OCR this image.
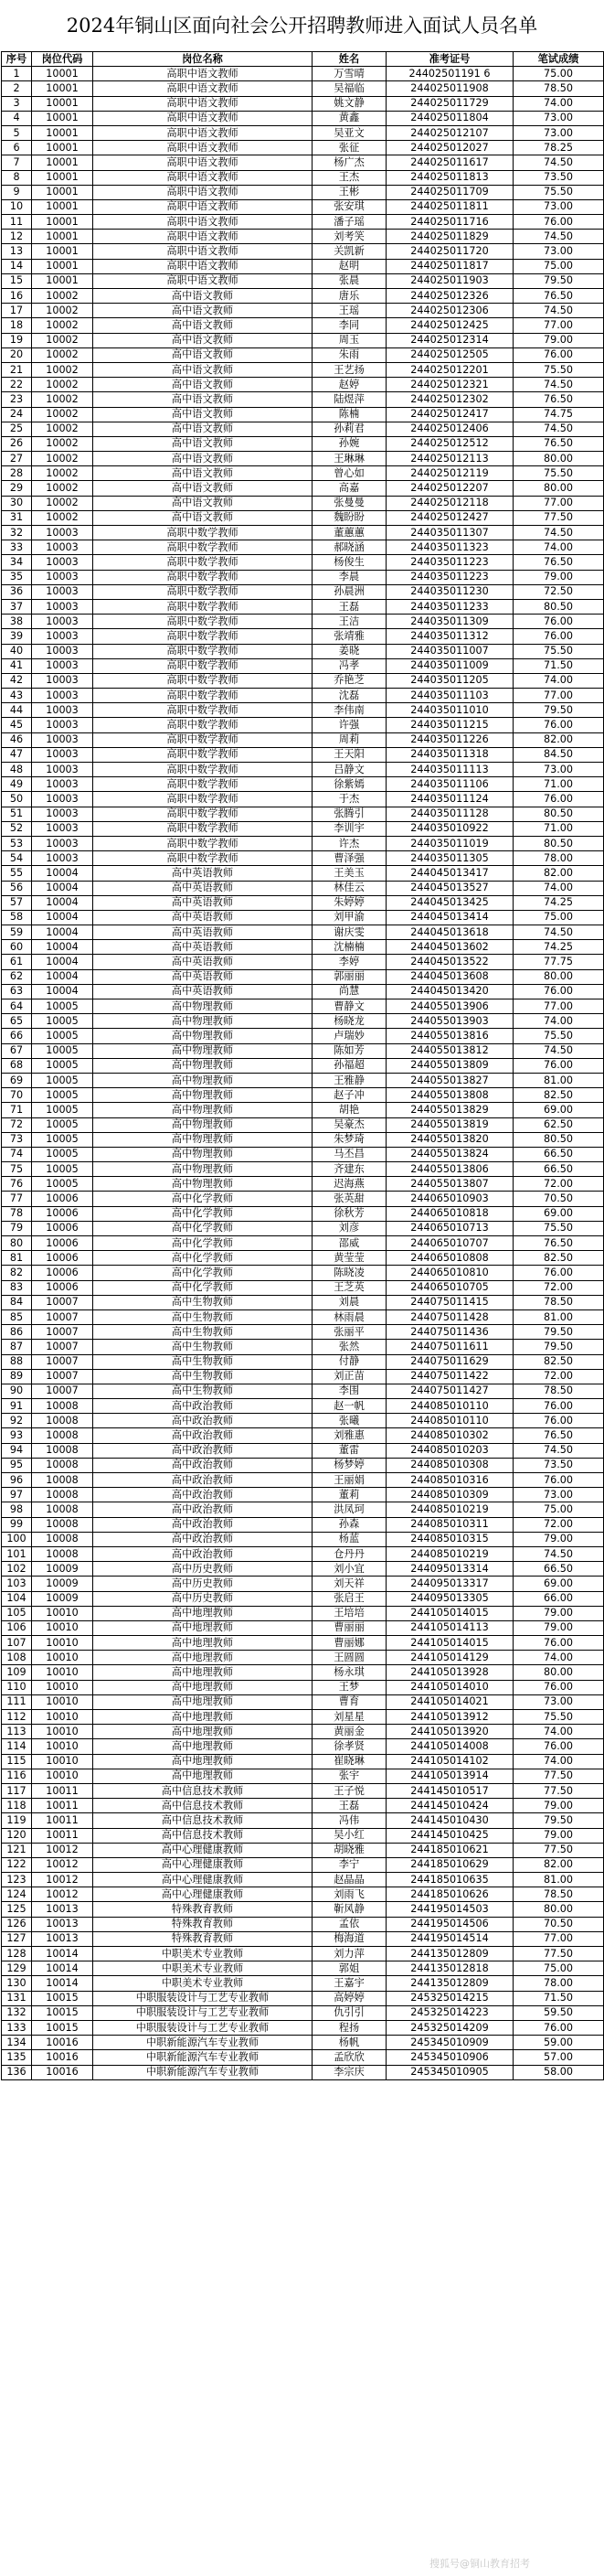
2024年铜山区面向社会公开招聘教师进入面试人员名单
序号	岗位代码	岗位名称	姓名	准考证号	笔试成绩
1	10001	高职中语文教师	万雪晴	24402501191 6	75.00
2	10001	高职中语文教师	吴福临	244025011908	78.50
3	10001	高职中语文教师	姚文静	244025011729	74.00
4	10001	高职中语文教师	黄鑫	244025011804	73.00
5	10001	高职中语文教师	吴亚文	244025012107	73.00
6	10001	高职中语文教师	张征	244025012027	78.25
7	10001	高职中语文教师	杨广杰	244025011617	74.50
8	10001	高职中语文教师	王杰	244025011813	73.50
9	10001	高职中语文教师	王彬	244025011709	75.50
10	10001	高职中语文教师	张安琪	244025011811	73.00
11	10001	高职中语文教师	潘子瑶	244025011716	76.00
12	10001	高职中语文教师	刘考笑	244025011829	74.50
13	10001	高职中语文教师	关凯新	244025011720	73.00
14	10001	高职中语文教师	赵明	244025011817	75.00
15	10001	高职中语文教师	张晨	244025011903	79.50
16	10002	高中语文教师	唐乐	244025012326	76.50
17	10002	高中语文教师	王瑶	244025012306	74.50
18	10002	高中语文教师	李同	244025012425	77.00
19	10002	高中语文教师	周玉	244025012314	79.00
20	10002	高中语文教师	朱雨	244025012505	76.00
21	10002	高中语文教师	王艺扬	244025012201	75.50
22	10002	高中语文教师	赵婷	244025012321	74.50
23	10002	高中语文教师	陆煜萍	244025012302	76.50
24	10002	高中语文教师	陈楠	244025012417	74.75
25	10002	高中语文教师	孙莉君	244025012406	74.50
26	10002	高中语文教师	孙婉	244025012512	76.50
27	10002	高中语文教师	王琳琳	244025012113	80.00
28	10002	高中语文教师	曾心如	244025012119	75.50
29	10002	高中语文教师	高嘉	244025012207	80.00
30	10002	高中语文教师	张曼曼	244025012118	77.00
31	10002	高中语文教师	魏盼盼	244025012427	77.50
32	10003	高职中数学教师	董蕙蕙	244035011307	74.50
33	10003	高职中数学教师	郝晓涵	244035011323	74.00
34	10003	高职中数学教师	杨俊生	244035011223	76.50
35	10003	高职中数学教师	李晨	244035011223	79.00
36	10003	高职中数学教师	孙晨洲	244035011230	72.50
37	10003	高职中数学教师	王磊	244035011233	80.50
38	10003	高职中数学教师	王洁	244035011309	76.00
39	10003	高职中数学教师	张靖雅	244035011312	76.00
40	10003	高职中数学教师	姜晓	244035011007	75.50
41	10003	高职中数学教师	冯孝	244035011009	71.50
42	10003	高职中数学教师	乔艳芝	244035011205	74.00
43	10003	高职中数学教师	沈磊	244035011103	77.00
44	10003	高职中数学教师	李伟南	244035011010	79.50
45	10003	高职中数学教师	许强	244035011215	76.00
46	10003	高职中数学教师	周莉	244035011226	82.00
47	10003	高职中数学教师	王天阳	244035011318	84.50
48	10003	高职中数学教师	吕静文	244035011113	73.00
49	10003	高职中数学教师	徐紫嫣	244035011106	71.00
50	10003	高职中数学教师	于杰	244035011124	76.00
51	10003	高职中数学教师	张腾引	244035011128	80.50
52	10003	高职中数学教师	李训宇	244035010922	71.00
53	10003	高职中数学教师	许杰	244035011019	80.50
54	10003	高职中数学教师	曹泽强	244035011305	78.00
55	10004	高中英语教师	王美玉	244045013417	82.00
56	10004	高中英语教师	林佳云	244045013527	74.00
57	10004	高中英语教师	朱婷婷	244045013425	74.25
58	10004	高中英语教师	刘甲渝	244045013414	75.00
59	10004	高中英语教师	谢庆雯	244045013618	74.50
60	10004	高中英语教师	沈楠楠	244045013602	74.25
61	10004	高中英语教师	李婷	244045013522	77.75
62	10004	高中英语教师	郭丽丽	244045013608	80.00
63	10004	高中英语教师	尚慧	244045013420	76.00
64	10005	高中物理教师	曹静文	244055013906	77.00
65	10005	高中物理教师	杨晓龙	244055013903	74.00
66	10005	高中物理教师	卢瑞妙	244055013816	75.50
67	10005	高中物理教师	陈如芳	244055013812	74.50
68	10005	高中物理教师	孙福超	244055013809	76.00
69	10005	高中物理教师	王雅静	244055013827	81.00
70	10005	高中物理教师	赵子冲	244055013808	82.50
71	10005	高中物理教师	胡艳	244055013829	69.00
72	10005	高中物理教师	吴豪杰	244055013819	62.50
73	10005	高中物理教师	朱梦琦	244055013820	80.50
74	10005	高中物理教师	马丕昌	244055013824	66.50
75	10005	高中物理教师	齐建东	244055013806	66.50
76	10005	高中物理教师	迟海燕	244055013807	72.00
77	10006	高中化学教师	张英甜	244065010903	70.50
78	10006	高中化学教师	徐秋芳	244065010818	69.00
79	10006	高中化学教师	刘彦	244065010713	75.50
80	10006	高中化学教师	邵威	244065010707	76.50
81	10006	高中化学教师	黄莹莹	244065010808	82.50
82	10006	高中化学教师	陈晓凌	244065010810	76.00
83	10006	高中化学教师	王芝英	244065010705	72.00
84	10007	高中生物教师	刘晨	244075011415	78.50
85	10007	高中生物教师	林雨晨	244075011428	81.00
86	10007	高中生物教师	张丽平	244075011436	79.50
87	10007	高中生物教师	张然	244075011611	79.50
88	10007	高中生物教师	付静	244075011629	82.50
89	10007	高中生物教师	刘正苗	244075011422	72.00
90	10007	高中生物教师	李围	244075011427	78.50
91	10008	高中政治教师	赵一帆	244085010110	76.00
92	10008	高中政治教师	张曦	244085010110	76.00
93	10008	高中政治教师	刘雅惠	244085010302	76.50
94	10008	高中政治教师	董雷	244085010203	74.50
95	10008	高中政治教师	杨梦婷	244085010308	73.50
96	10008	高中政治教师	王丽娟	244085010316	76.00
97	10008	高中政治教师	董莉	244085010309	73.00
98	10008	高中政治教师	洪凤珂	244085010219	75.00
99	10008	高中政治教师	孙森	244085010311	72.00
100	10008	高中政治教师	杨蓝	244085010315	79.00
101	10008	高中政治教师	仓丹丹	244085010219	74.50
102	10009	高中历史教师	刘小宜	244095013314	66.50
103	10009	高中历史教师	刘天祥	244095013317	69.00
104	10009	高中历史教师	张启王	244095013305	66.00
105	10010	高中地理教师	王培培	244105014015	79.00
106	10010	高中地理教师	曹丽丽	244105014113	79.00
107	10010	高中地理教师	曹丽娜	244105014015	76.00
108	10010	高中地理教师	王圆圆	244105014129	74.00
109	10010	高中地理教师	杨永琪	244105013928	80.00
110	10010	高中地理教师	王梦	244105014010	76.00
111	10010	高中地理教师	曹育	244105014021	73.00
112	10010	高中地理教师	刘星星	244105013912	75.50
113	10010	高中地理教师	黄丽金	244105013920	74.00
114	10010	高中地理教师	徐孝贤	244105014008	76.00
115	10010	高中地理教师	崔晓琳	244105014102	74.00
116	10010	高中地理教师	张宇	244105013914	77.50
117	10011	高中信息技术教师	王子悦	244145010517	77.50
118	10011	高中信息技术教师	王磊	244145010424	79.00
119	10011	高中信息技术教师	冯伟	244145010430	79.50
120	10011	高中信息技术教师	吴小红	244145010425	79.00
121	10012	高中心理健康教师	胡晓雅	244185010621	77.50
122	10012	高中心理健康教师	李宁	244185010629	82.00
123	10012	高中心理健康教师	赵晶晶	244185010635	81.00
124	10012	高中心理健康教师	刘雨飞	244185010626	78.50
125	10013	特殊教育教师	靳风静	244195014503	80.00
126	10013	特殊教育教师	孟依	244195014506	70.50
127	10013	特殊教育教师	梅海道	244195014514	77.00
128	10014	中职美术专业教师	刘力萍	244135012809	77.50
129	10014	中职美术专业教师	郭姐	244135012818	75.00
130	10014	中职美术专业教师	王嘉宇	244135012809	78.00
131	10015	中职服装设计与工艺专业教师	高婷婷	245325014215	71.50
132	10015	中职服装设计与工艺专业教师	仇引引	245325014223	59.50
133	10015	中职服装设计与工艺专业教师	程扬	245325014209	76.00
134	10016	中职新能源汽车专业教师	杨帆	245345010909	59.00
135	10016	中职新能源汽车专业教师	孟欣欣	245345010906	57.00
136	10016	中职新能源汽车专业教师	李宗庆	245345010905	58.00
搜狐号@铜山教育招考
